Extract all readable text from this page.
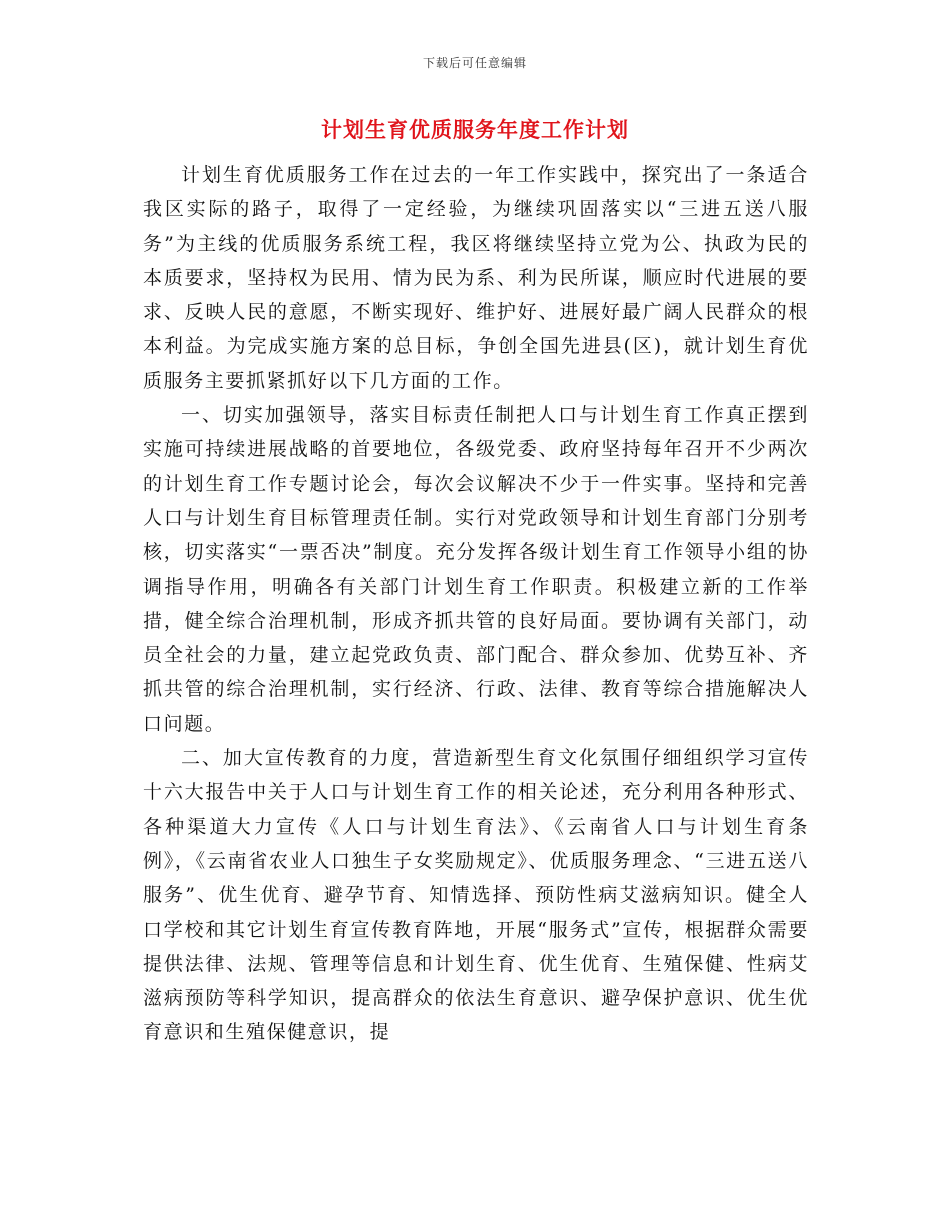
下载后可任意编辑
计划生育优质服务年度工作计划

计划生育优质服务工作在过去的一年工作实践中，探究出了一条适合我区实际的路子，取得了一定经验，为继续巩固落实以“三进五送八服务”为主线的优质服务系统工程，我区将继续坚持立党为公、执政为民的本质要求，坚持权为民用、情为民为系、利为民所谋，顺应时代进展的要求、反映人民的意愿，不断实现好、维护好、进展好最广阔人民群众的根本利益。为完成实施方案的总目标，争创全国先进县(区)，就计划生育优质服务主要抓紧抓好以下几方面的工作。

一、切实加强领导，落实目标责任制把人口与计划生育工作真正摆到实施可持续进展战略的首要地位，各级党委、政府坚持每年召开不少两次的计划生育工作专题讨论会，每次会议解决不少于一件实事。坚持和完善人口与计划生育目标管理责任制。实行对党政领导和计划生育部门分别考核，切实落实“一票否决”制度。充分发挥各级计划生育工作领导小组的协调指导作用，明确各有关部门计划生育工作职责。积极建立新的工作举措，健全综合治理机制，形成齐抓共管的良好局面。要协调有关部门，动员全社会的力量，建立起党政负责、部门配合、群众参加、优势互补、齐抓共管的综合治理机制，实行经济、行政、法律、教育等综合措施解决人口问题。

二、加大宣传教育的力度，营造新型生育文化氛围仔细组织学习宣传十六大报告中关于人口与计划生育工作的相关论述，充分利用各种形式、各种渠道大力宣传《人口与计划生育法》、《云南省人口与计划生育条例》，《云南省农业人口独生子女奖励规定》、优质服务理念、“三进五送八服务”、优生优育、避孕节育、知情选择、预防性病艾滋病知识。健全人口学校和其它计划生育宣传教育阵地，开展“服务式”宣传，根据群众需要提供法律、法规、管理等信息和计划生育、优生优育、生殖保健、性病艾滋病预防等科学知识，提高群众的依法生育意识、避孕保护意识、优生优育意识和生殖保健意识，提
